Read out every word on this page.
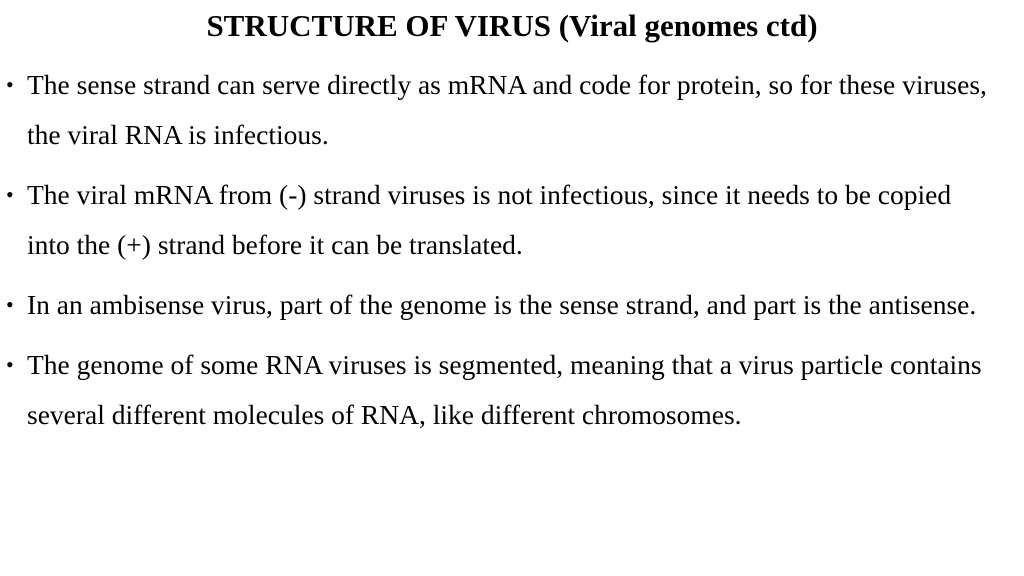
STRUCTURE OF VIRUS (Viral genomes ctd)
• The sense strand can serve directly as mRNA and code for protein, so for these viruses, the viral RNA is infectious.
• The viral mRNA from (-) strand viruses is not infectious, since it needs to be copied into the (+) strand before it can be translated.
• In an ambisense virus, part of the genome is the sense strand, and part is the antisense.
• The genome of some RNA viruses is segmented, meaning that a virus particle contains several different molecules of RNA, like different chromosomes.
